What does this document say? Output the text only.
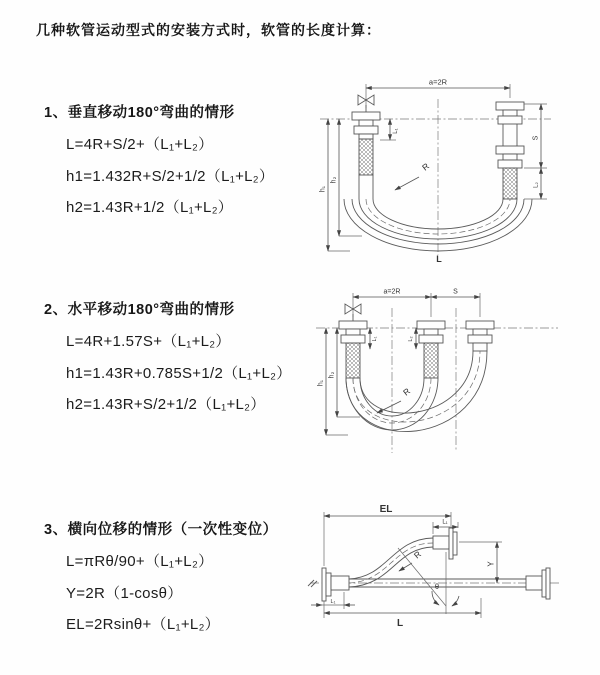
几种软管运动型式的安装方式时，软管的长度计算：
1、垂直移动180°弯曲的情形
L=4R+S/2+（L₁+L₂）
h1=1.432R+S/2+1/2（L₁+L₂）
h2=1.43R+1/2（L₁+L₂）
2、水平移动180°弯曲的情形
L=4R+1.57S+（L₁+L₂）
h1=1.43R+0.785S+1/2（L₁+L₂）
h2=1.43R+S/2+1/2（L₁+L₂）
3、横向位移的情形（一次性变位）
L=πRθ/90+（L₁+L₂）
Y=2R（1-cosθ）
EL=2Rsinθ+（L₁+L₂）
a=2R
R
h₁
h₂
L₁
S
L₂
L
a=2R	S
R
h₁
h₂
L₁	L₂
EL
L₁
Y
R
θ
L
L₁
